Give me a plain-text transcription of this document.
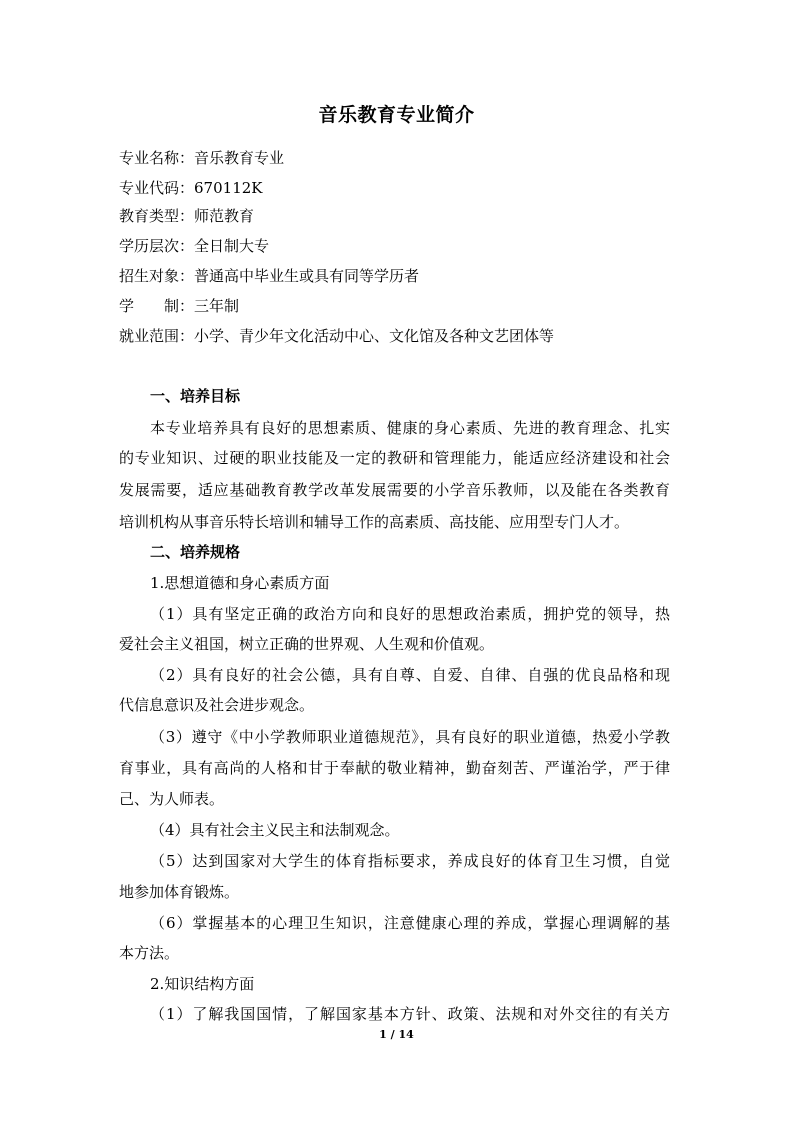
音乐教育专业简介
专业名称：音乐教育专业
专业代码：670112K
教育类型：师范教育
学历层次：全日制大专
招生对象：普通高中毕业生或具有同等学历者
学　　制：三年制
就业范围：小学、青少年文化活动中心、文化馆及各种文艺团体等
一、培养目标
本专业培养具有良好的思想素质、健康的身心素质、先进的教育理念、扎实
的专业知识、过硬的职业技能及一定的教研和管理能力，能适应经济建设和社会
发展需要，适应基础教育教学改革发展需要的小学音乐教师，以及能在各类教育
培训机构从事音乐特长培训和辅导工作的高素质、高技能、应用型专门人才。
二、培养规格
1.思想道德和身心素质方面
（1）具有坚定正确的政治方向和良好的思想政治素质，拥护党的领导，热
爱社会主义祖国，树立正确的世界观、人生观和价值观。
（2）具有良好的社会公德，具有自尊、自爱、自律、自强的优良品格和现
代信息意识及社会进步观念。
（3）遵守《中小学教师职业道德规范》，具有良好的职业道德，热爱小学教
育事业，具有高尚的人格和甘于奉献的敬业精神，勤奋刻苦、严谨治学，严于律
己、为人师表。
（4）具有社会主义民主和法制观念。
（5）达到国家对大学生的体育指标要求，养成良好的体育卫生习惯，自觉
地参加体育锻炼。
（6）掌握基本的心理卫生知识，注意健康心理的养成，掌握心理调解的基
本方法。
2.知识结构方面
（1）了解我国国情，了解国家基本方针、政策、法规和对外交往的有关方
1 / 14
